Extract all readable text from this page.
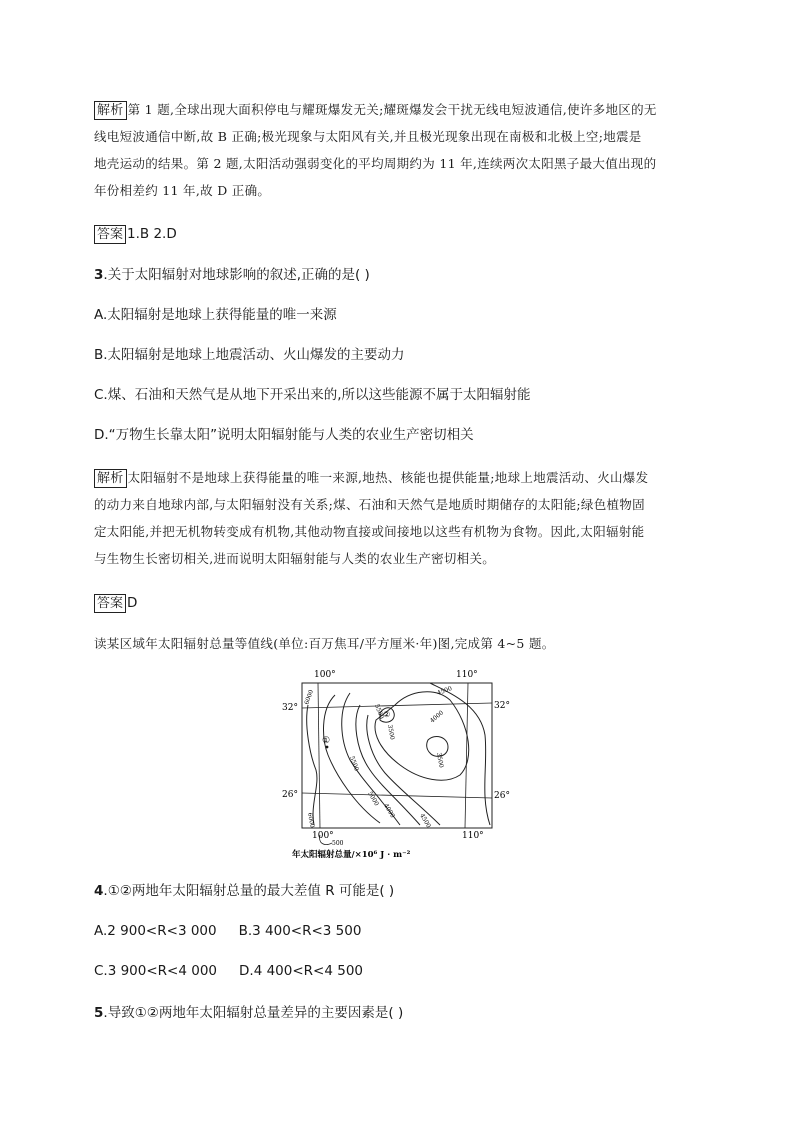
解析 第 1 题,全球出现大面积停电与耀斑爆发无关;耀斑爆发会干扰无线电短波通信,使许多地区的无
线电短波通信中断,故 B 正确;极光现象与太阳风有关,并且极光现象出现在南极和北极上空;地震是
地壳运动的结果。第 2 题,太阳活动强弱变化的平均周期约为 11 年,连续两次太阳黑子最大值出现的
年份相差约 11 年,故 D 正确。

答案 1.B 2.D

3.关于太阳辐射对地球影响的叙述,正确的是( )

A.太阳辐射是地球上获得能量的唯一来源

B.太阳辐射是地球上地震活动、火山爆发的主要动力

C.煤、石油和天然气是从地下开采出来的,所以这些能源不属于太阳辐射能

D.“万物生长靠太阳”说明太阳辐射能与人类的农业生产密切相关

解析 太阳辐射不是地球上获得能量的唯一来源,地热、核能也提供能量;地球上地震活动、火山爆发
的动力来自地球内部,与太阳辐射没有关系;煤、石油和天然气是地质时期储存的太阳能;绿色植物固
定太阳能,并把无机物转变成有机物,其他动物直接或间接地以这些有机物为食物。因此,太阳辐射能
与生物生长密切相关,进而说明太阳辐射能与人类的农业生产密切相关。

答案 D

读某区域年太阳辐射总量等值线(单位:百万焦耳/平方厘米·年)图,完成第 4~5 题。

100°	110°
100°	110°
32°	32°
26°	26°
①
②
6000	4500
4000
3500
3500
4000
4500
5000
5500
6000
5500
500
年太阳辐射总量/×10⁶ J · m⁻²

4.①②两地年太阳辐射总量的最大差值 R 可能是( )

A.2 900<R<3 000 B.3 400<R<3 500

C.3 900<R<4 000 D.4 400<R<4 500

5.导致①②两地年太阳辐射总量差异的主要因素是( )
